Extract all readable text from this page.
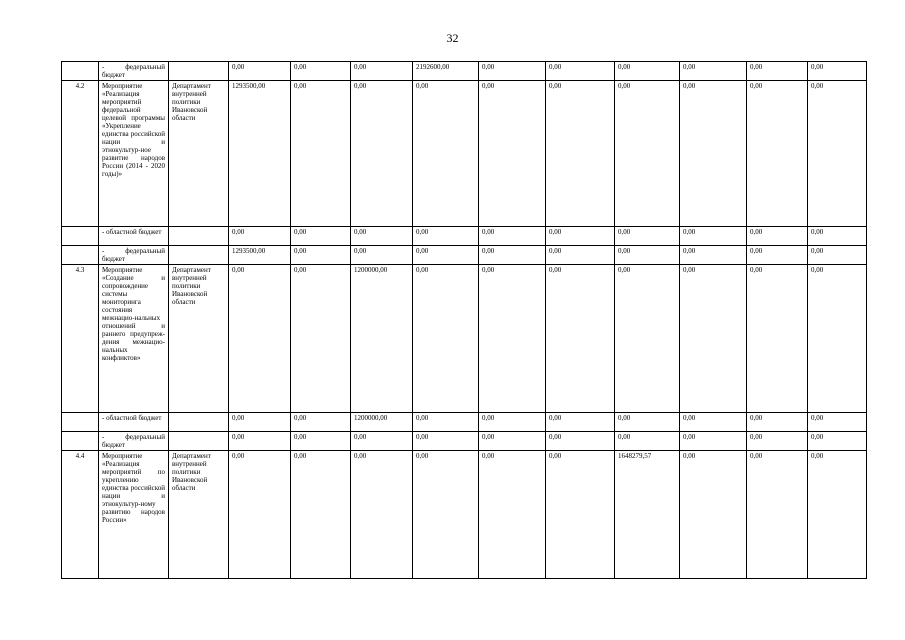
32
	- федеральный бюджет		0,00	0,00	0,00	2192600,00	0,00	0,00	0,00	0,00	0,00	0,00
4.2	Мероприятие «Реализация мероприятий федеральной целевой программы «Укрепление единства российской нации и этнокультур-ное развитие народов России (2014 - 2020 годы)»	Департамент внутренней политики Ивановской области	1293500,00	0,00	0,00	0,00	0,00	0,00	0,00	0,00	0,00	0,00
	- областной бюджет		0,00	0,00	0,00	0,00	0,00	0,00	0,00	0,00	0,00	0,00
	- федеральный бюджет		1293500,00	0,00	0,00	0,00	0,00	0,00	0,00	0,00	0,00	0,00
4.3	Мероприятие «Создание и сопровождение системы мониторинга состояния межнацио-нальных отношений и раннего предупреж-дения межнацио-нальных конфликтов»	Департамент внутренней политики Ивановской области	0,00	0,00	1200000,00	0,00	0,00	0,00	0,00	0,00	0,00	0,00
	- областной бюджет		0,00	0,00	1200000,00	0,00	0,00	0,00	0,00	0,00	0,00	0,00
	- федеральный бюджет		0,00	0,00	0,00	0,00	0,00	0,00	0,00	0,00	0,00	0,00
4.4	Мероприятие «Реализация мероприятий по укреплению единства российской нации и этнокультур-ному развитию народов России»	Департамент внутренней политики Ивановской области	0,00	0,00	0,00	0,00	0,00	0,00	1648279,57	0,00	0,00	0,00
